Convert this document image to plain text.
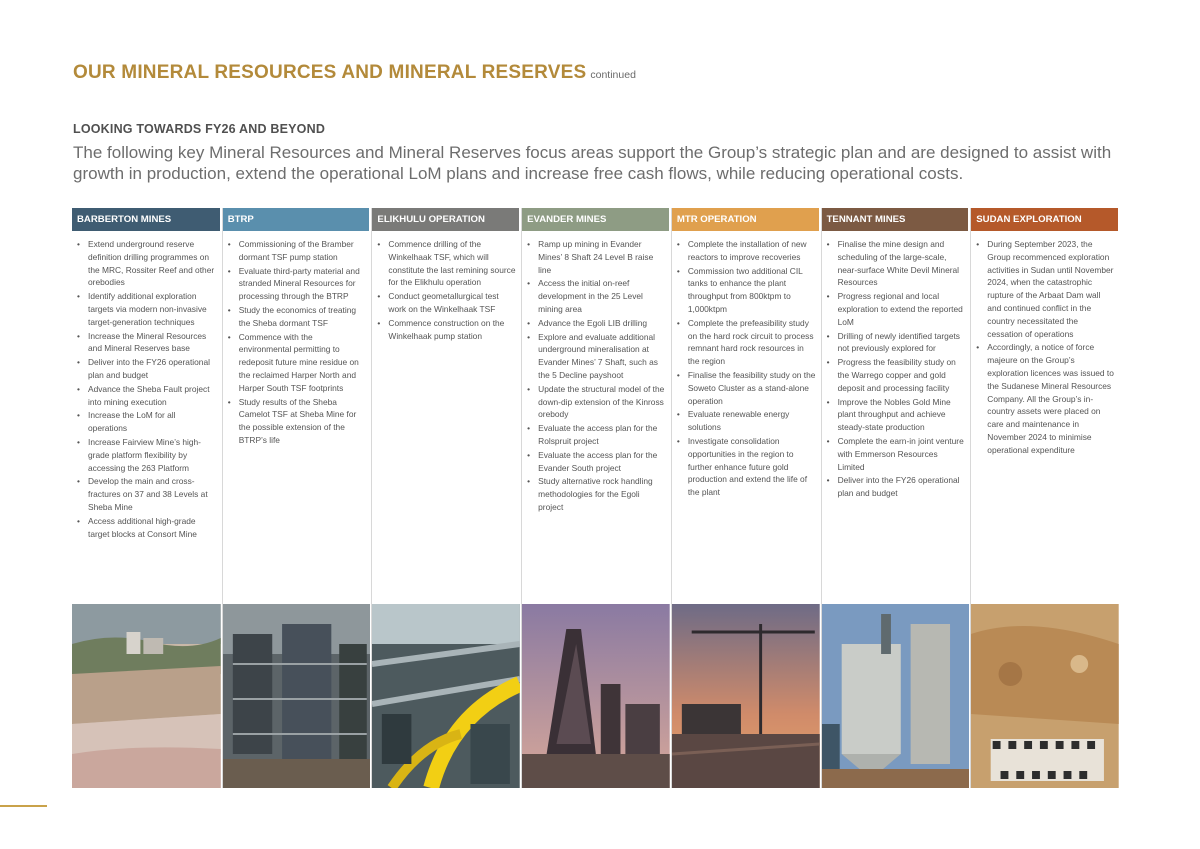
OUR MINERAL RESOURCES AND MINERAL RESERVES continued
LOOKING TOWARDS FY26 AND BEYOND

The following key Mineral Resources and Mineral Reserves focus areas support the Group’s strategic plan and are designed to assist with growth in production, extend the operational LoM plans and increase free cash flows, while reducing operational costs.

BARBERTON MINES
• Extend underground reserve definition drilling programmes on the MRC, Rossiter Reef and other orebodies
• Identify additional exploration targets via modern non-invasive target-generation techniques
• Increase the Mineral Resources and Mineral Reserves base
• Deliver into the FY26 operational plan and budget
• Advance the Sheba Fault project into mining execution
• Increase the LoM for all operations
• Increase Fairview Mine’s high-grade platform flexibility by accessing the 263 Platform
• Develop the main and cross-fractures on 37 and 38 Levels at Sheba Mine
• Access additional high-grade target blocks at Consort Mine
BTRP
• Commissioning of the Bramber dormant TSF pump station
• Evaluate third-party material and stranded Mineral Resources for processing through the BTRP
• Study the economics of treating the Sheba dormant TSF
• Commence with the environmental permitting to redeposit future mine residue on the reclaimed Harper North and Harper South TSF footprints
• Study results of the Sheba Camelot TSF at Sheba Mine for the possible extension of the BTRP’s life
ELIKHULU OPERATION
• Commence drilling of the Winkelhaak TSF, which will constitute the last remining source for the Elikhulu operation
• Conduct geometallurgical test work on the Winkelhaak TSF
• Commence construction on the Winkelhaak pump station
EVANDER MINES
• Ramp up mining in Evander Mines’ 8 Shaft 24 Level B raise line
• Access the initial on-reef development in the 25 Level mining area
• Advance the Egoli LIB drilling
• Explore and evaluate additional underground mineralisation at Evander Mines’ 7 Shaft, such as the 5 Decline payshoot
• Update the structural model of the down-dip extension of the Kinross orebody
• Evaluate the access plan for the Rolspruit project
• Evaluate the access plan for the Evander South project
• Study alternative rock handling methodologies for the Egoli project
MTR OPERATION
• Complete the installation of new reactors to improve recoveries
• Commission two additional CIL tanks to enhance the plant throughput from 800ktpm to 1,000ktpm
• Complete the prefeasibility study on the hard rock circuit to process remnant hard rock resources in the region
• Finalise the feasibility study on the Soweto Cluster as a stand-alone operation
• Evaluate renewable energy solutions
• Investigate consolidation opportunities in the region to further enhance future gold production and extend the life of the plant
TENNANT MINES
• Finalise the mine design and scheduling of the large-scale, near-surface White Devil Mineral Resources
• Progress regional and local exploration to extend the reported LoM
• Drilling of newly identified targets not previously explored for
• Progress the feasibility study on the Warrego copper and gold deposit and processing facility
• Improve the Nobles Gold Mine plant throughput and achieve steady-state production
• Complete the earn-in joint venture with Emmerson Resources Limited
• Deliver into the FY26 operational plan and budget
SUDAN EXPLORATION
• During September 2023, the Group recommenced exploration activities in Sudan until November 2024, when the catastrophic rupture of the Arbaat Dam wall and continued conflict in the country necessitated the cessation of operations
• Accordingly, a notice of force majeure on the Group’s exploration licences was issued to the Sudanese Mineral Resources Company. All the Group’s in-country assets were placed on care and maintenance in November 2024 to minimise operational expenditure
